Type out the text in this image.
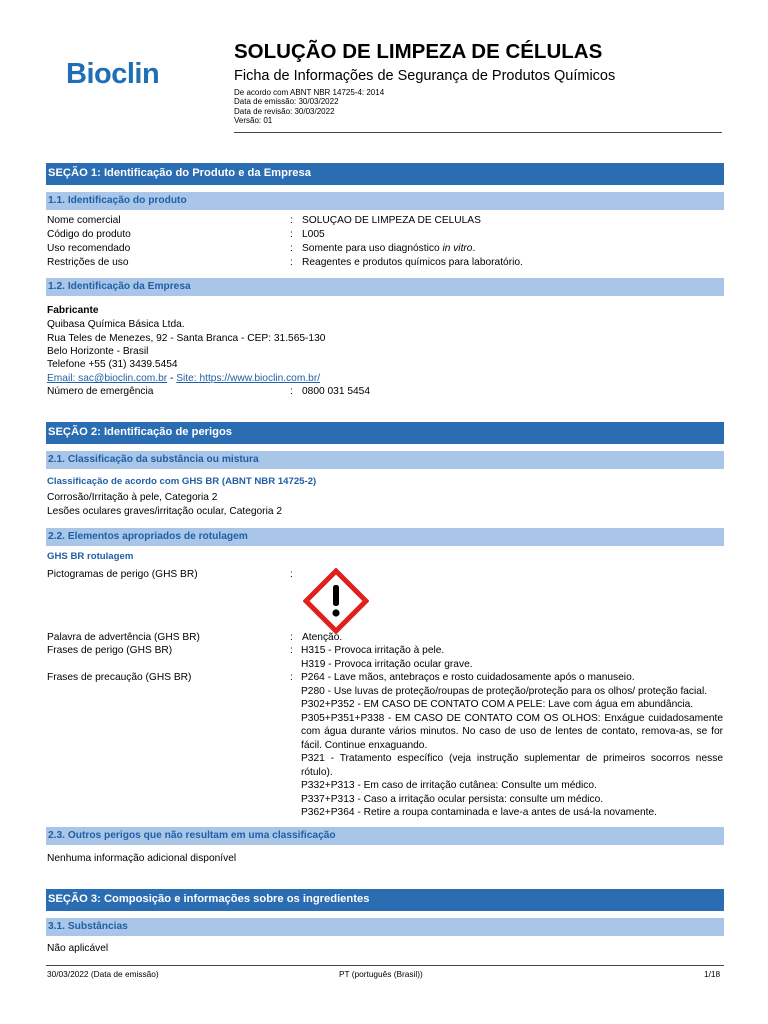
Bioclin
SOLUÇÃO DE LIMPEZA DE CÉLULAS
Ficha de Informações de Segurança de Produtos Químicos
De acordo com ABNT NBR 14725-4: 2014
Data de emissão: 30/03/2022
Data de revisão: 30/03/2022
Versão: 01
SEÇÃO 1: Identificação do Produto e da Empresa
1.1. Identificação do produto
Nome comercial	: SOLUÇAO DE LIMPEZA DE CELULAS
Código do produto	: L005
Uso recomendado	: Somente para uso diagnóstico in vitro.
Restrições de uso	: Reagentes e produtos químicos para laboratório.
1.2. Identificação da Empresa
Fabricante
Quibasa Química Básica Ltda.
Rua Teles de Menezes, 92 - Santa Branca - CEP: 31.565-130
Belo Horizonte - Brasil
Telefone +55 (31) 3439.5454
Email: sac@bioclin.com.br - Site: https://www.bioclin.com.br/
Número de emergência	: 0800 031 5454
SEÇÃO 2: Identificação de perigos
2.1. Classificação da substância ou mistura
Classificação de acordo com GHS BR (ABNT NBR 14725-2)
Corrosão/Irritação à pele, Categoria 2
Lesões oculares graves/irritação ocular, Categoria 2
2.2. Elementos apropriados de rotulagem
GHS BR rotulagem
Pictogramas de perigo (GHS BR)	:
Palavra de advertência (GHS BR)	: Atenção.
Frases de perigo (GHS BR)	: H315 - Provoca irritação à pele.
H319 - Provoca irritação ocular grave.
Frases de precaução (GHS BR)	: P264 - Lave mãos, antebraços e rosto cuidadosamente após o manuseio.
P280 - Use luvas de proteção/roupas de proteção/proteção para os olhos/ proteção facial.
P302+P352 - EM CASO DE CONTATO COM A PELE: Lave com água em abundância.
P305+P351+P338 - EM CASO DE CONTATO COM OS OLHOS: Enxágue cuidadosamente com água durante vários minutos. No caso de uso de lentes de contato, remova-as, se for fácil. Continue enxaguando.
P321 - Tratamento específico (veja instrução suplementar de primeiros socorros nesse rótulo).
P332+P313 - Em caso de irritação cutânea: Consulte um médico.
P337+P313 - Caso a irritação ocular persista: consulte um médico.
P362+P364 - Retire a roupa contaminada e lave-a antes de usá-la novamente.
2.3. Outros perigos que não resultam em uma classificação
Nenhuma informação adicional disponível
SEÇÃO 3: Composição e informações sobre os ingredientes
3.1. Substâncias
Não aplicável
30/03/2022 (Data de emissão)	PT (português (Brasil))	1/18
